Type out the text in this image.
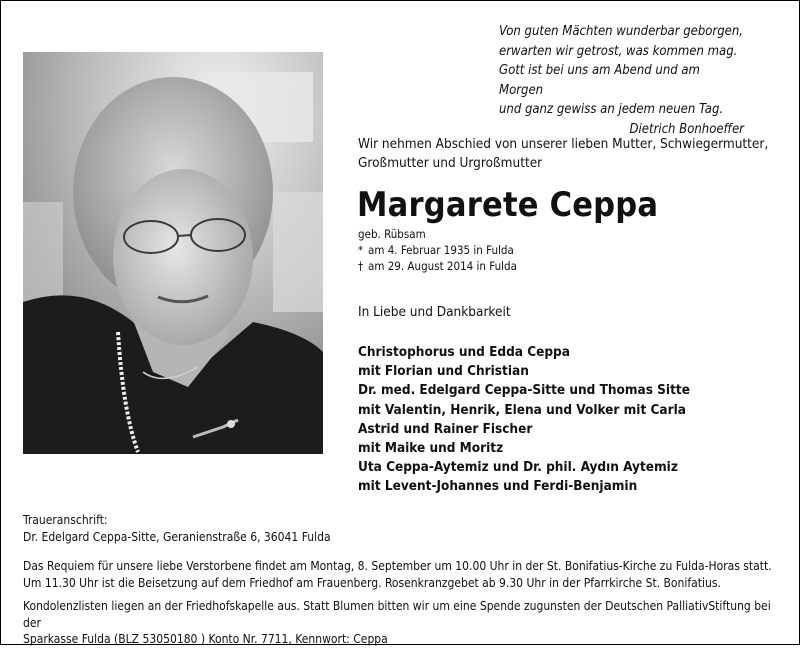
Von guten Mächten wunderbar geborgen,
erwarten wir getrost, was kommen mag.
Gott ist bei uns am Abend und am Morgen
und ganz gewiss an jedem neuen Tag.
Dietrich Bonhoeffer
Wir nehmen Abschied von unserer lieben Mutter, Schwiegermutter,
Großmutter und Urgroßmutter
Margarete Ceppa
geb. Rübsam
* am 4. Februar 1935 in Fulda
† am 29. August 2014 in Fulda
In Liebe und Dankbarkeit
Christophorus und Edda Ceppa
mit Florian und Christian
Dr. med. Edelgard Ceppa-Sitte und Thomas Sitte
mit Valentin, Henrik, Elena und Volker mit Carla
Astrid und Rainer Fischer
mit Maike und Moritz
Uta Ceppa-Aytemiz und Dr. phil. Aydın Aytemiz
mit Levent-Johannes und Ferdi-Benjamin
Traueranschrift:
Dr. Edelgard Ceppa-Sitte, Geranienstraße 6, 36041 Fulda
Das Requiem für unsere liebe Verstorbene findet am Montag, 8. September um 10.00 Uhr in der St. Bonifatius-Kirche zu Fulda-Horas statt.
Um 11.30 Uhr ist die Beisetzung auf dem Friedhof am Frauenberg. Rosenkranzgebet ab 9.30 Uhr in der Pfarrkirche St. Bonifatius.
Kondolenzlisten liegen an der Friedhofskapelle aus. Statt Blumen bitten wir um eine Spende zugunsten der Deutschen PalliativStiftung bei der
Sparkasse Fulda (BLZ 53050180 ) Konto Nr. 7711, Kennwort: Ceppa
